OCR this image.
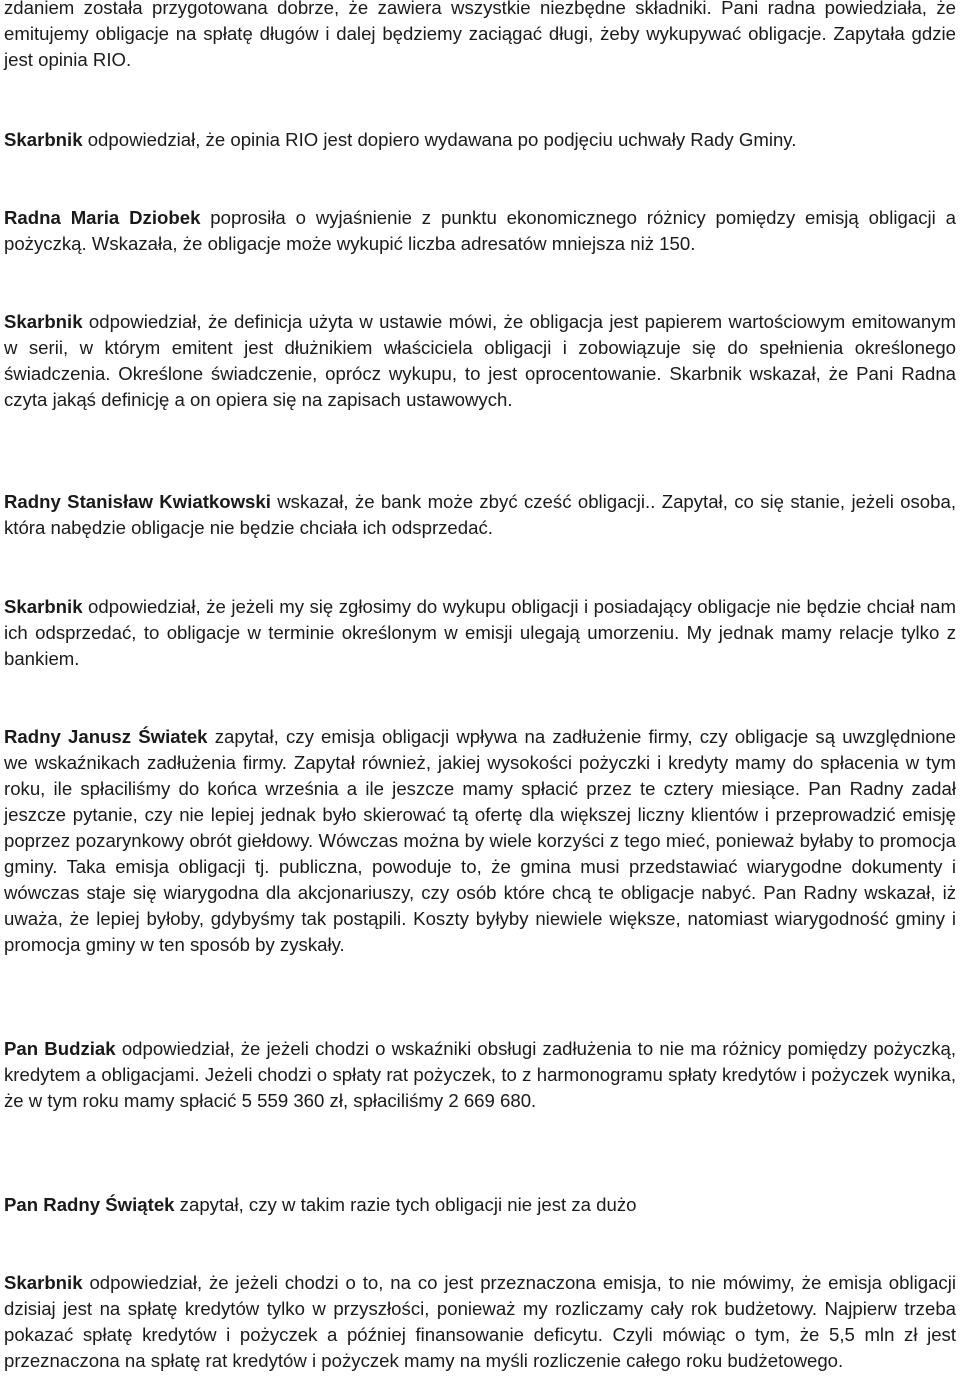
zdaniem została przygotowana dobrze, że zawiera wszystkie niezbędne składniki. Pani radna powiedziała, że emitujemy obligacje na spłatę długów i dalej będziemy zaciągać długi, żeby wykupywać obligacje. Zapytała gdzie jest opinia RIO.

Skarbnik odpowiedział, że opinia RIO jest dopiero wydawana po podjęciu uchwały Rady Gminy.

Radna Maria Dziobek poprosiła o wyjaśnienie z punktu ekonomicznego różnicy pomiędzy emisją obligacji a pożyczką. Wskazała, że obligacje może wykupić liczba adresatów mniejsza niż 150.

Skarbnik odpowiedział, że definicja użyta w ustawie mówi, że obligacja jest papierem wartościowym emitowanym w serii, w którym emitent jest dłużnikiem właściciela obligacji i zobowiązuje się do spełnienia określonego świadczenia. Określone świadczenie, oprócz wykupu, to jest oprocentowanie. Skarbnik wskazał, że Pani Radna czyta jakąś definicję a on opiera się na zapisach ustawowych.

Radny Stanisław Kwiatkowski wskazał, że bank może zbyć cześć obligacji.. Zapytał, co się stanie, jeżeli osoba, która nabędzie obligacje nie będzie chciała ich odsprzedać.

Skarbnik odpowiedział, że jeżeli my się zgłosimy do wykupu obligacji i posiadający obligacje nie będzie chciał nam ich odsprzedać, to obligacje w terminie określonym w emisji ulegają umorzeniu. My jednak mamy relacje tylko z bankiem.

Radny Janusz Światek zapytał, czy emisja obligacji wpływa na zadłużenie firmy, czy obligacje są uwzględnione we wskaźnikach zadłużenia firmy. Zapytał również, jakiej wysokości pożyczki i kredyty mamy do spłacenia w tym roku, ile spłaciliśmy do końca września a ile jeszcze mamy spłacić przez te cztery miesiące. Pan Radny zadał jeszcze pytanie, czy nie lepiej jednak było skierować tą ofertę dla większej liczny klientów i przeprowadzić emisję poprzez pozarynkowy obrót giełdowy. Wówczas można by wiele korzyści z tego mieć, ponieważ byłaby to promocja gminy. Taka emisja obligacji tj. publiczna, powoduje to, że gmina musi przedstawiać wiarygodne dokumenty i wówczas staje się wiarygodna dla akcjonariuszy, czy osób które chcą te obligacje nabyć. Pan Radny wskazał, iż uważa, że lepiej byłoby, gdybyśmy tak postąpili. Koszty byłyby niewiele większe, natomiast wiarygodność gminy i promocja gminy w ten sposób by zyskały.

Pan Budziak odpowiedział, że jeżeli chodzi o wskaźniki obsługi zadłużenia to nie ma różnicy pomiędzy pożyczką, kredytem a obligacjami. Jeżeli chodzi o spłaty rat pożyczek, to z harmonogramu spłaty kredytów i pożyczek wynika, że w tym roku mamy spłacić 5 559 360 zł, spłaciliśmy 2 669 680.

Pan Radny Świątek zapytał, czy w takim razie tych obligacji nie jest za dużo

Skarbnik odpowiedział, że jeżeli chodzi o to, na co jest przeznaczona emisja, to nie mówimy, że emisja obligacji dzisiaj jest na spłatę kredytów tylko w przyszłości, ponieważ my rozliczamy cały rok budżetowy. Najpierw trzeba pokazać spłatę kredytów i pożyczek a później finansowanie deficytu. Czyli mówiąc o tym, że 5,5 mln zł jest przeznaczona na spłatę rat kredytów i pożyczek mamy na myśli rozliczenie całego roku budżetowego.
